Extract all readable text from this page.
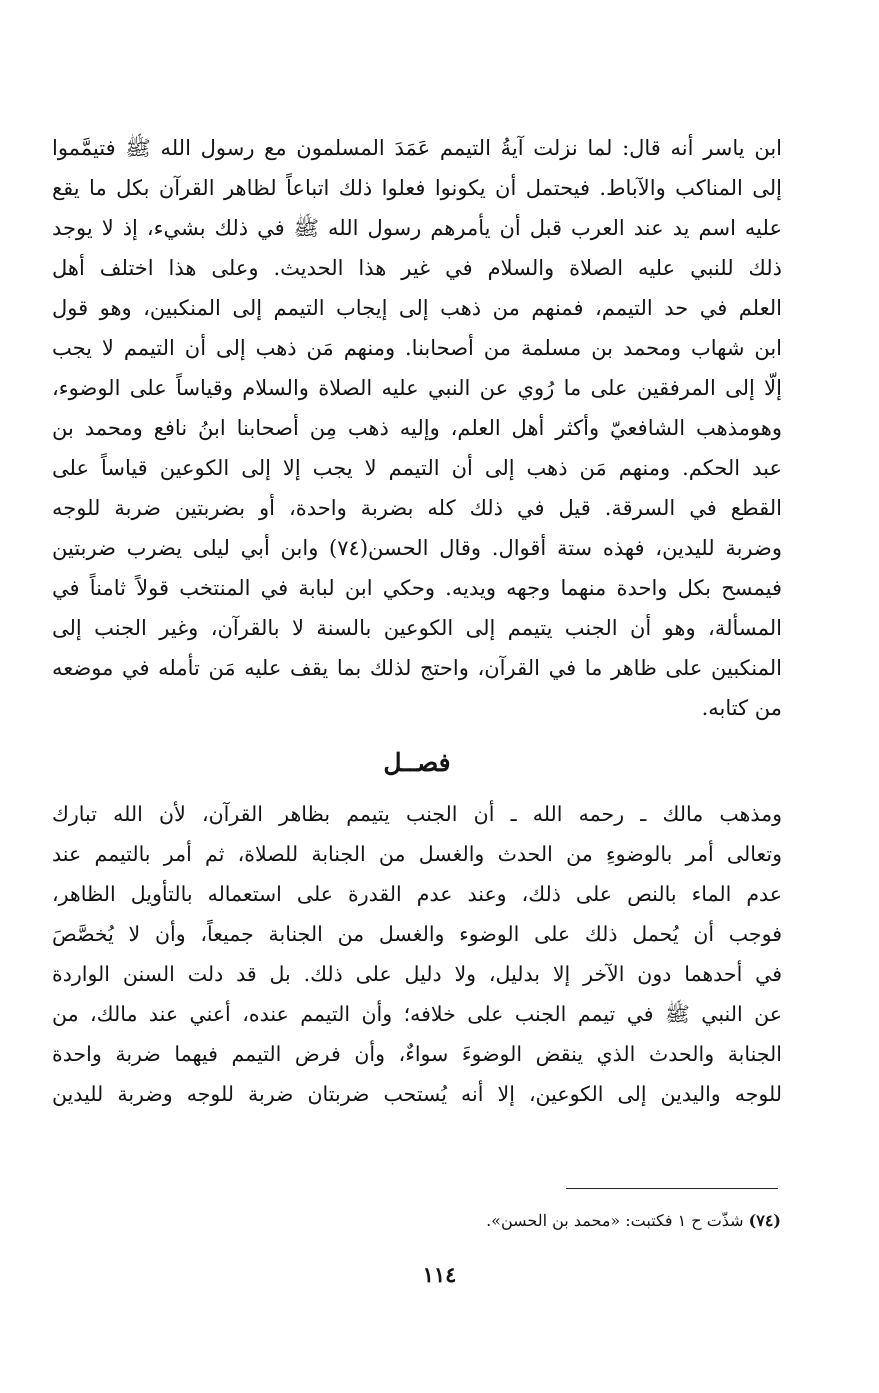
ابن ياسر أنه قال: لما نزلت آيةُ التيمم عَمَدَ المسلمون مع رسول الله ﷺ فتيمَّموا
إلى المناكب والآباط. فيحتمل أن يكونوا فعلوا ذلك اتباعاً لظاهر القرآن بكل ما يقع
عليه اسم يد عند العرب قبل أن يأمرهم رسول الله ﷺ في ذلك بشيء، إذ لا يوجد
ذلك للنبي عليه الصلاة والسلام في غير هذا الحديث. وعلى هذا اختلف أهل
العلم في حد التيمم، فمنهم من ذهب إلى إيجاب التيمم إلى المنكبين، وهو قول
ابن شهاب ومحمد بن مسلمة من أصحابنا. ومنهم مَن ذهب إلى أن التيمم لا يجب
إلّا إلى المرفقين على ما رُوي عن النبي عليه الصلاة والسلام وقياساً على الوضوء،
وهومذهب الشافعيّ وأكثر أهل العلم، وإليه ذهب مِن أصحابنا ابنُ نافع ومحمد بن
عبد الحكم. ومنهم مَن ذهب إلى أن التيمم لا يجب إلا إلى الكوعين قياساً على
القطع في السرقة. قيل في ذلك كله بضربة واحدة، أو بضربتين ضربة للوجه
وضربة لليدين، فهذه ستة أقوال. وقال الحسن(٧٤) وابن أبي ليلى يضرب ضربتين
فيمسح بكل واحدة منهما وجهه ويديه. وحكي ابن لبابة في المنتخب قولاً ثامناً في
المسألة، وهو أن الجنب يتيمم إلى الكوعين بالسنة لا بالقرآن، وغير الجنب إلى
المنكبين على ظاهر ما في القرآن، واحتج لذلك بما يقف عليه مَن تأمله في موضعه
من كتابه.
فصــل
ومذهب مالك ـ رحمه الله ـ أن الجنب يتيمم بظاهر القرآن، لأن الله تبارك
وتعالى أمر بالوضوءِ من الحدث والغسل من الجنابة للصلاة، ثم أمر بالتيمم عند
عدم الماء بالنص على ذلك، وعند عدم القدرة على استعماله بالتأويل الظاهر،
فوجب أن يُحمل ذلك على الوضوء والغسل من الجنابة جميعاً، وأن لا يُخصَّصَ
في أحدهما دون الآخر إلا بدليل، ولا دليل على ذلك. بل قد دلت السنن الواردة
عن النبي ﷺ في تيمم الجنب على خلافه؛ وأن التيمم عنده، أعني عند مالك، من
الجنابة والحدث الذي ينقض الوضوءَ سواءٌ، وأن فرض التيمم فيهما ضربة واحدة
للوجه واليدين إلى الكوعين، إلا أنه يُستحب ضربتان ضربة للوجه وضربة لليدين
(٧٤) شذّت ح ١ فكتبت: «محمد بن الحسن».
١١٤
